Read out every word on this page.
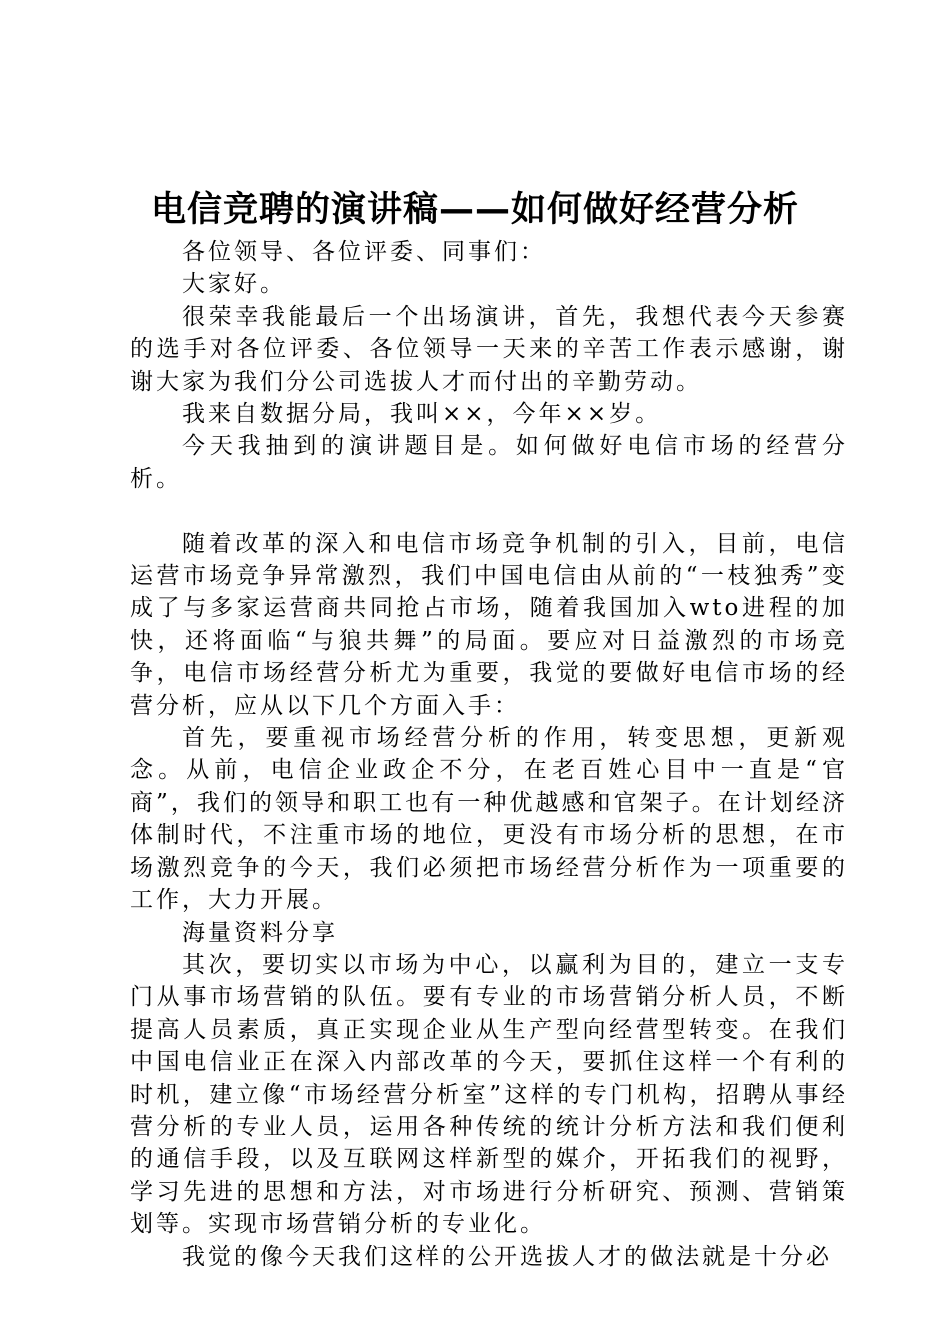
电信竞聘的演讲稿——如何做好经营分析

各位领导、各位评委、同事们：

大家好。

很荣幸我能最后一个出场演讲，首先，我想代表今天参赛的选手对各位评委、各位领导一天来的辛苦工作表示感谢，谢谢大家为我们分公司选拔人才而付出的辛勤劳动。

我来自数据分局，我叫××，今年××岁。

今天我抽到的演讲题目是。如何做好电信市场的经营分析。

随着改革的深入和电信市场竞争机制的引入，目前，电信运营市场竞争异常激烈，我们中国电信由从前的“一枝独秀”变成了与多家运营商共同抢占市场，随着我国加入wto进程的加快，还将面临“与狼共舞”的局面。要应对日益激烈的市场竞争，电信市场经营分析尤为重要，我觉的要做好电信市场的经营分析，应从以下几个方面入手：

首先，要重视市场经营分析的作用，转变思想，更新观念。从前，电信企业政企不分，在老百姓心目中一直是“官商”，我们的领导和职工也有一种优越感和官架子。在计划经济体制时代，不注重市场的地位，更没有市场分析的思想，在市场激烈竞争的今天，我们必须把市场经营分析作为一项重要的工作，大力开展。

海量资料分享

其次，要切实以市场为中心，以赢利为目的，建立一支专门从事市场营销的队伍。要有专业的市场营销分析人员，不断提高人员素质，真正实现企业从生产型向经营型转变。在我们中国电信业正在深入内部改革的今天，要抓住这样一个有利的时机，建立像“市场经营分析室”这样的专门机构，招聘从事经营分析的专业人员，运用各种传统的统计分析方法和我们便利的通信手段，以及互联网这样新型的媒介，开拓我们的视野，学习先进的思想和方法，对市场进行分析研究、预测、营销策划等。实现市场营销分析的专业化。

我觉的像今天我们这样的公开选拔人才的做法就是十分必
